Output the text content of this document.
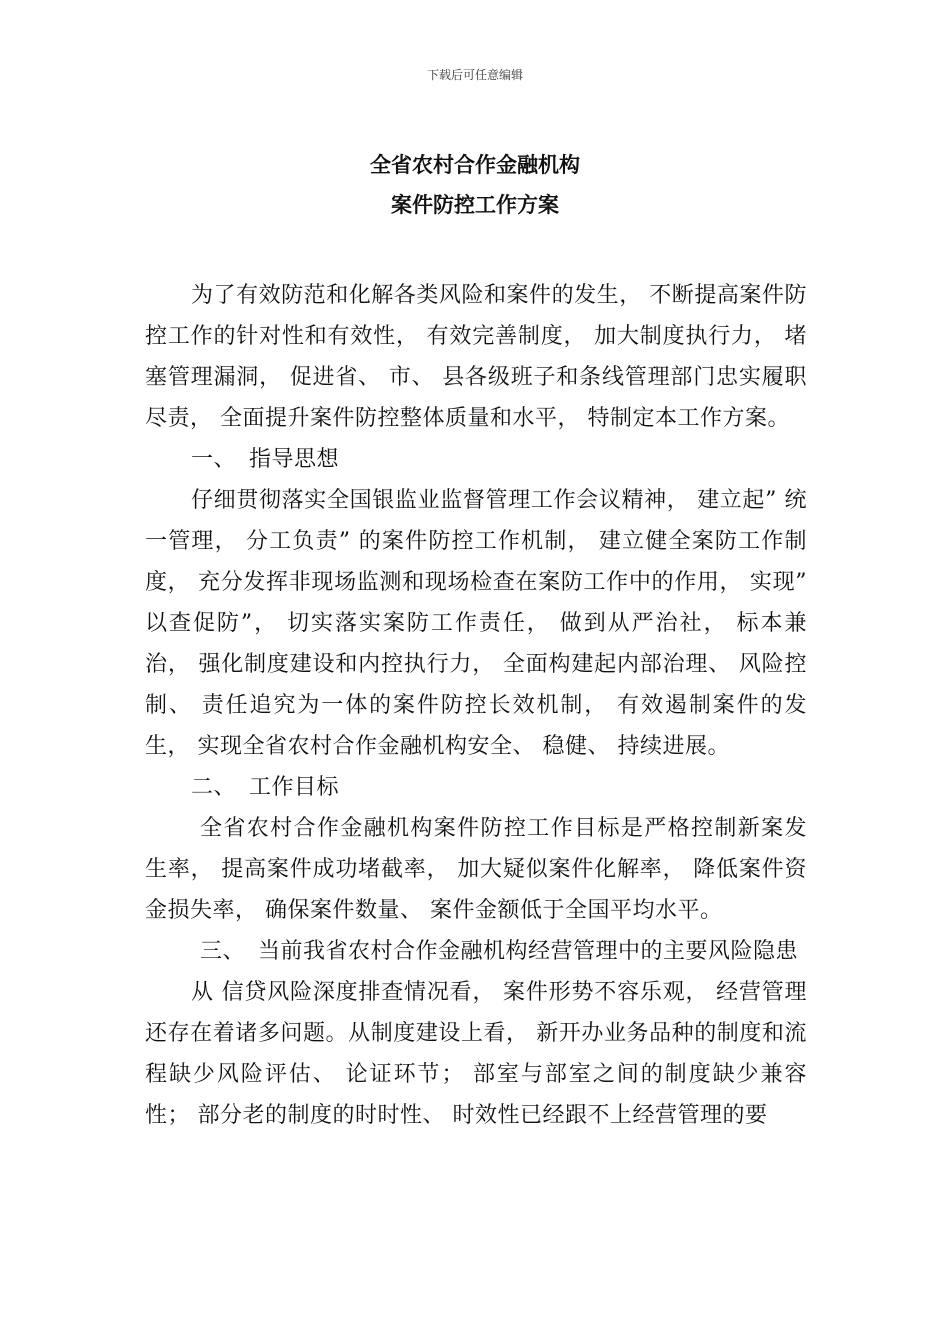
下载后可任意编辑
全省农村合作金融机构
案件防控工作方案

为了有效防范和化解各类风险和案件的发生， 不断提高案件防控工作的针对性和有效性， 有效完善制度， 加大制度执行力， 堵塞管理漏洞， 促进省、 市、 县各级班子和条线管理部门忠实履职尽责， 全面提升案件防控整体质量和水平， 特制定本工作方案。

一、 指导思想

仔细贯彻落实全国银监业监督管理工作会议精神， 建立起” 统一管理， 分工负责” 的案件防控工作机制， 建立健全案防工作制度， 充分发挥非现场监测和现场检查在案防工作中的作用， 实现” 以查促防”， 切实落实案防工作责任， 做到从严治社， 标本兼治， 强化制度建设和内控执行力， 全面构建起内部治理、 风险控制、 责任追究为一体的案件防控长效机制， 有效遏制案件的发生， 实现全省农村合作金融机构安全、 稳健、 持续进展。

二、 工作目标

全省农村合作金融机构案件防控工作目标是严格控制新案发生率， 提高案件成功堵截率， 加大疑似案件化解率， 降低案件资金损失率， 确保案件数量、 案件金额低于全国平均水平。

三、 当前我省农村合作金融机构经营管理中的主要风险隐患

从 信贷风险深度排查情况看， 案件形势不容乐观， 经营管理还存在着诸多问题。从制度建设上看， 新开办业务品种的制度和流程缺少风险评估、 论证环节； 部室与部室之间的制度缺少兼容性； 部分老的制度的时时性、 时效性已经跟不上经营管理的要
